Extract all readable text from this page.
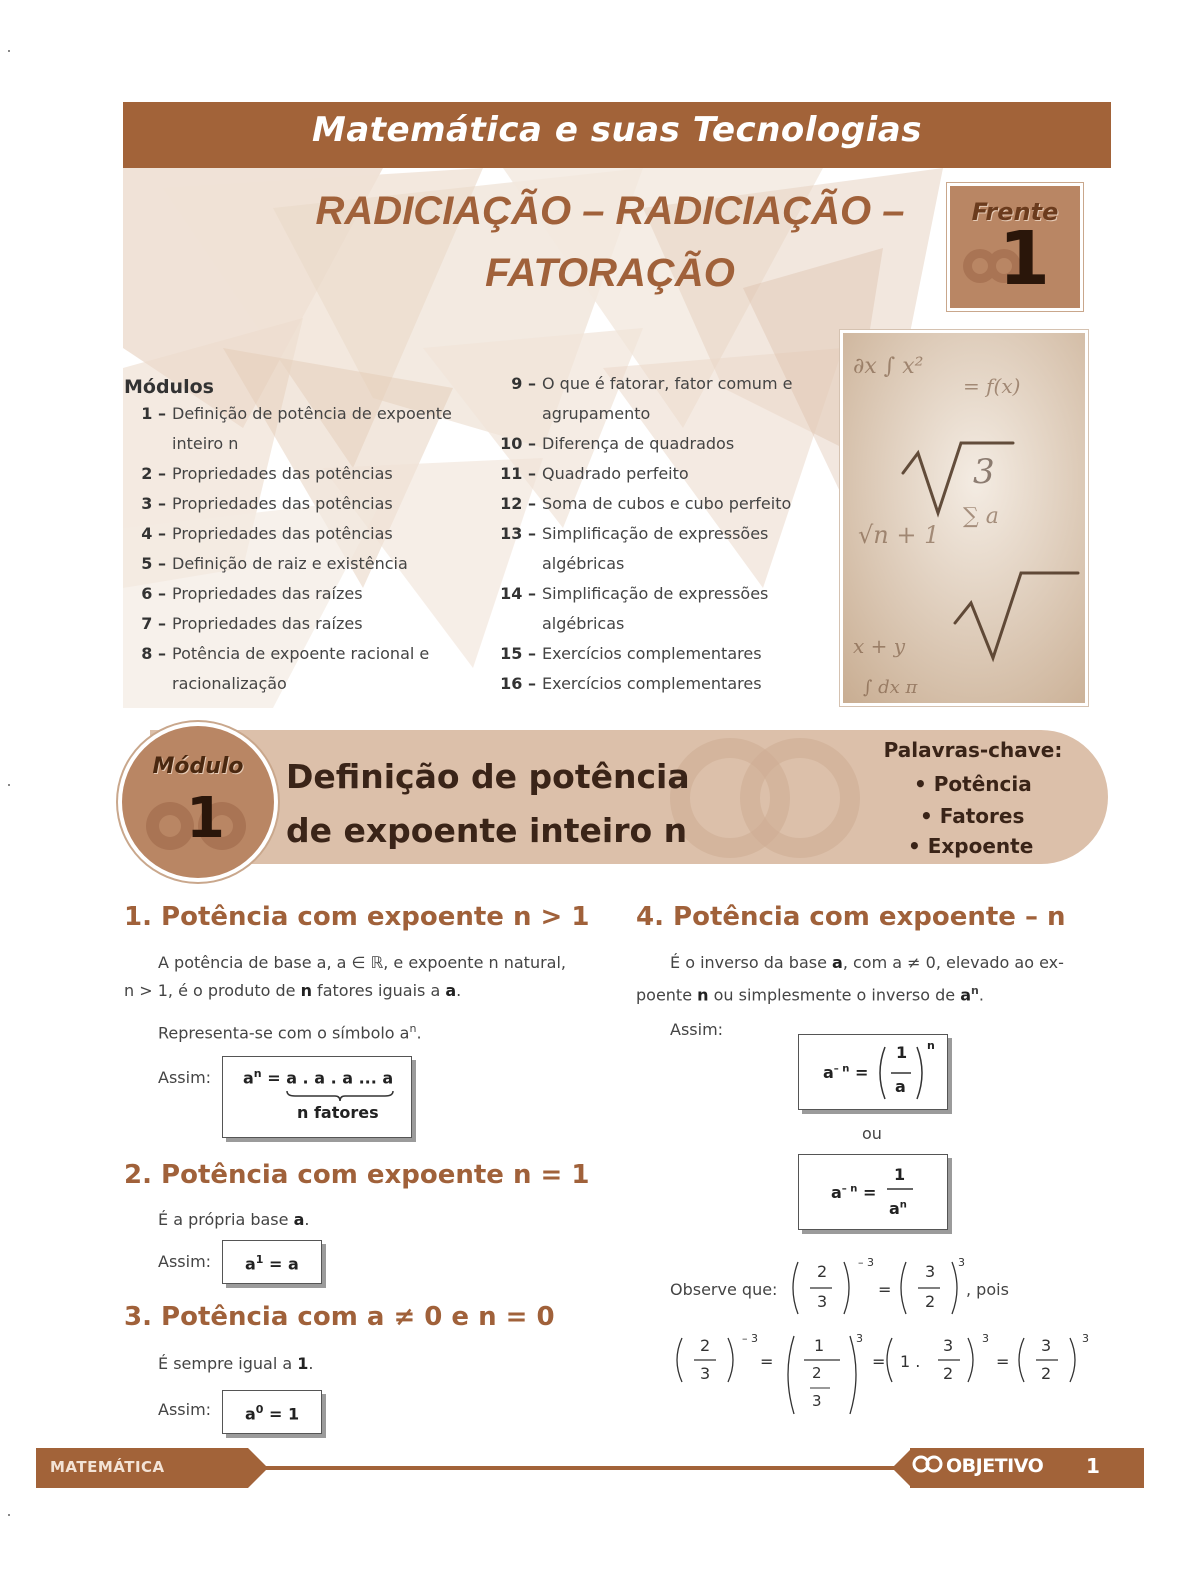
Matemática e suas Tecnologias
RADICIAÇÃO – RADICIAÇÃO –
FATORAÇÃO
Frente
1
∂x ∫ x²
= f(x)
√n + 1
∑ a
x + y
∫ dx π
3
Módulos
1 – Definição de potência de expoente
inteiro n
2 – Propriedades das potências
3 – Propriedades das potências
4 – Propriedades das potências
5 – Definição de raiz e existência
6 – Propriedades das raízes
7 – Propriedades das raízes
8 – Potência de expoente racional e
racionalização
9 – O que é fatorar, fator comum e
agrupamento
10 – Diferença de quadrados
11 – Quadrado perfeito
12 – Soma de cubos e cubo perfeito
13 – Simplificação de expressões
algébricas
14 – Simplificação de expressões
algébricas
15 – Exercícios complementares
16 – Exercícios complementares
Módulo
1
Definição de potência
de expoente inteiro n
Palavras-chave:
• Potência
• Fatores
• Expoente
1. Potência com expoente n > 1
A potência de base a, a ∈ ℝ, e expoente n natural,
n > 1, é o produto de n fatores iguais a a.
Representa-se com o símbolo $a^n$.
Assim: $a^n = a$ . a . a ... a
n fatores
2. Potência com expoente n = 1
É a própria base a.
Assim: $a^1 = a$
3. Potência com a ≠ 0 e n = 0
É sempre igual a 1.
Assim: $a^0 = 1$
4. Potência com expoente – n
É o inverso da base a, com a ≠ 0, elevado ao ex-
poente n ou simplesmente o inverso de $a^n$.
Assim:
$a^{- n}$ =
1
a
n
ou
$a^{- n}$ =
1
$a^n$
Observe que:
2
3
– 3
=
3
2
3
, pois
2
3
– 3
=
1
2
3
3
= 1 .
3
2
3
=
3
2
3
MATEMÁTICA	OBJETIVO 1
